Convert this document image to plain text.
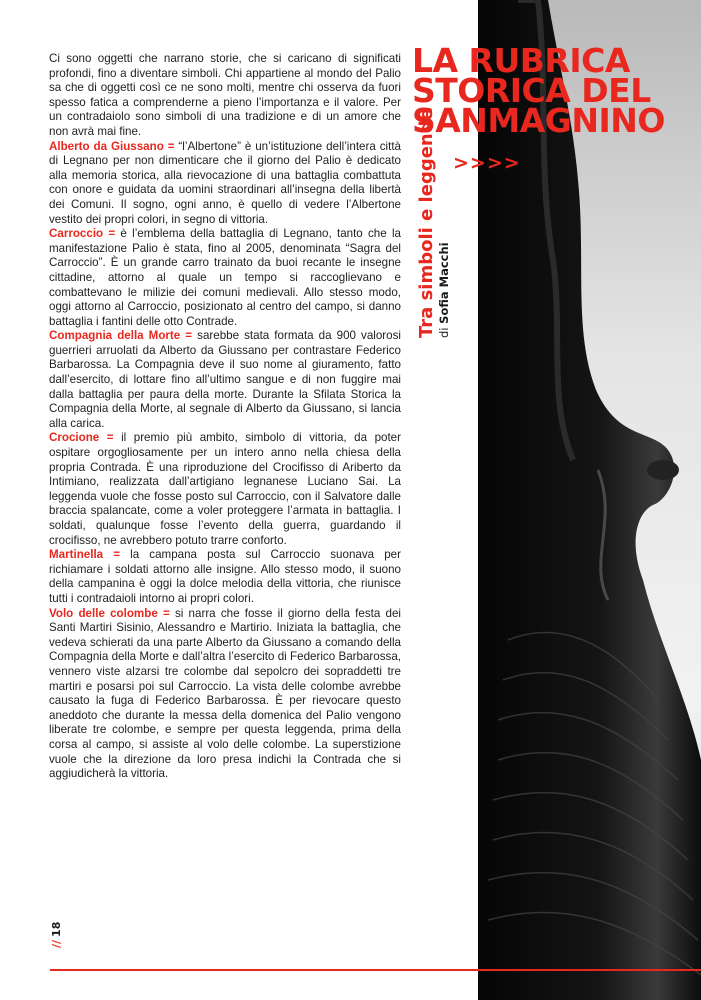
LA RUBRICA
STORICA DEL
SANMAGNINO
>>>>
Tra simboli e leggende di Sofia Macchi

Ci sono oggetti che narrano storie, che si caricano di significati profondi, fino a diventare simboli. Chi appartiene al mondo del Palio sa che di oggetti così ce ne sono molti, mentre chi osserva da fuori spesso fatica a comprenderne a pieno l’importanza e il valore. Per un contradaiolo sono simboli di una tradizione e di un amore che non avrà mai fine.

Alberto da Giussano = “l’Albertone” è un’istituzione dell’intera città di Legnano per non dimenticare che il giorno del Palio è dedicato alla memoria storica, alla rievocazione di una battaglia combattuta con onore e guidata da uomini straordinari all’insegna della libertà dei Comuni. Il sogno, ogni anno, è quello di vedere l’Albertone vestito dei propri colori, in segno di vittoria.

Carroccio = è l’emblema della battaglia di Legnano, tanto che la manifestazione Palio è stata, fino al 2005, denominata “Sagra del Carroccio”. È un grande carro trainato da buoi recante le insegne cittadine, attorno al quale un tempo si raccoglievano e combattevano le milizie dei comuni medievali. Allo stesso modo, oggi attorno al Carroccio, posizionato al centro del campo, si danno battaglia i fantini delle otto Contrade.

Compagnia della Morte = sarebbe stata formata da 900 valorosi guerrieri arruolati da Alberto da Giussano per contrastare Federico Barbarossa. La Compagnia deve il suo nome al giuramento, fatto dall’esercito, di lottare fino all’ultimo sangue e di non fuggire mai dalla battaglia per paura della morte. Durante la Sfilata Storica la Compagnia della Morte, al segnale di Alberto da Giussano, si lancia alla carica.

Crocione = il premio più ambito, simbolo di vittoria, da poter ospitare orgogliosamente per un intero anno nella chiesa della propria Contrada. È una riproduzione del Crocifisso di Ariberto da Intimiano, realizzata dall’artigiano legnanese Luciano Sai. La leggenda vuole che fosse posto sul Carroccio, con il Salvatore dalle braccia spalancate, come a voler proteggere l’armata in battaglia. I soldati, qualunque fosse l’evento della guerra, guardando il crocifisso, ne avrebbero potuto trarre conforto.

Martinella = la campana posta sul Carroccio suonava per richiamare i soldati attorno alle insigne. Allo stesso modo, il suono della campanina è oggi la dolce melodia della vittoria, che riunisce tutti i contradaioli intorno ai propri colori.

Volo delle colombe = si narra che fosse il giorno della festa dei Santi Martiri Sisinio, Alessandro e Martirio. Iniziata la battaglia, che vedeva schierati da una parte Alberto da Giussano a comando della Compagnia della Morte e dall’altra l’esercito di Federico Barbarossa, vennero viste alzarsi tre colombe dal sepolcro dei sopraddetti tre martiri e posarsi poi sul Carroccio. La vista delle colombe avrebbe causato la fuga di Federico Barbarossa. È per rievocare questo aneddoto che durante la messa della domenica del Palio vengono liberate tre colombe, e sempre per questa leggenda, prima della corsa al campo, si assiste al volo delle colombe. La superstizione vuole che la direzione da loro presa indichi la Contrada che si aggiudicherà la vittoria.

//18
